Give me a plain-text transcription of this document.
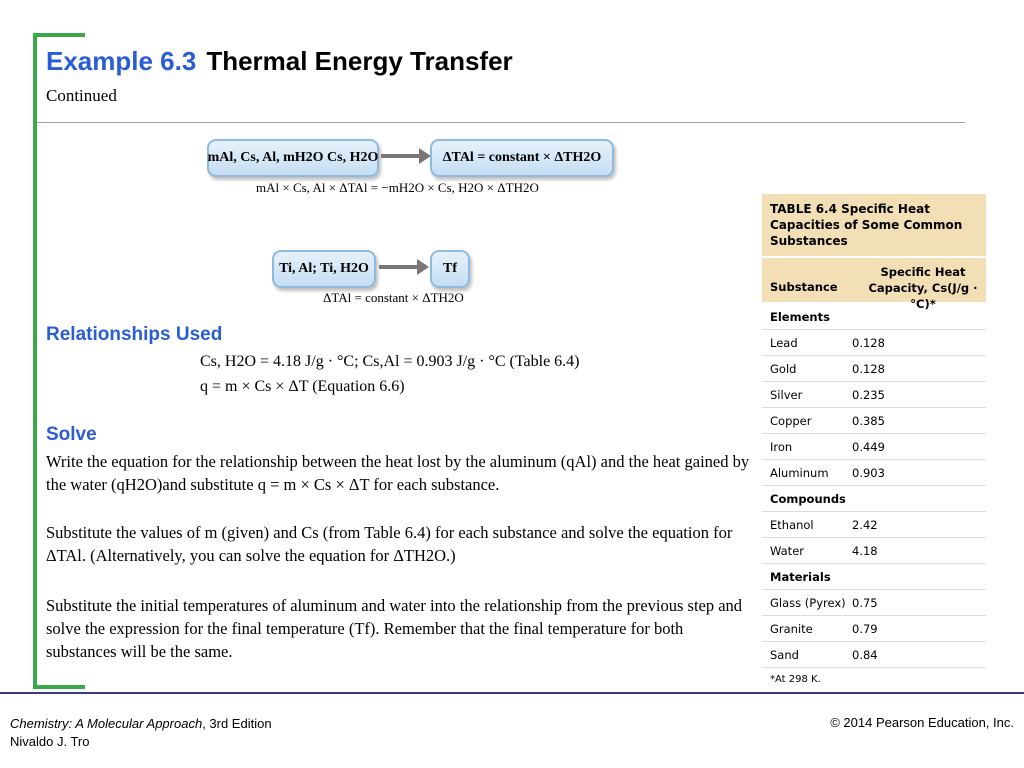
Example 6.3 Thermal Energy Transfer
Continued
mAl, Cs, Al, mH2O Cs, H2O	ΔTAl = constant × ΔTH2O
mAl × Cs, Al × ΔTAl = −mH2O × Cs, H2O × ΔTH2O
Ti, Al; Ti, H2O	Tf
ΔTAl = constant × ΔTH2O
Relationships Used
Cs, H2O = 4.18 J/g · °C; Cs,Al = 0.903 J/g · °C (Table 6.4)
q = m × Cs × ΔT (Equation 6.6)
Solve
Write the equation for the relationship between the heat lost by the aluminum (qAl) and the heat gained by the water (qH2O)and substitute q = m × Cs × ΔT for each substance.
Substitute the values of m (given) and Cs (from Table 6.4) for each substance and solve the equation for ΔTAl. (Alternatively, you can solve the equation for ΔTH2O.)
Substitute the initial temperatures of aluminum and water into the relationship from the previous step and solve the expression for the final temperature (Tf). Remember that the final temperature for both substances will be the same.
TABLE 6.4 Specific Heat Capacities of Some Common Substances
Substance
Specific Heat Capacity, Cs(J/g · °C)*
Elements
Lead	0.128
Gold	0.128
Silver	0.235
Copper	0.385
Iron	0.449
Aluminum	0.903
Compounds
Ethanol	2.42
Water	4.18
Materials
Glass (Pyrex) 0.75
Granite	0.79
Sand	0.84
*At 298 K.
Chemistry: A Molecular Approach, 3rd Edition
Nivaldo J. Tro
© 2014 Pearson Education, Inc.
